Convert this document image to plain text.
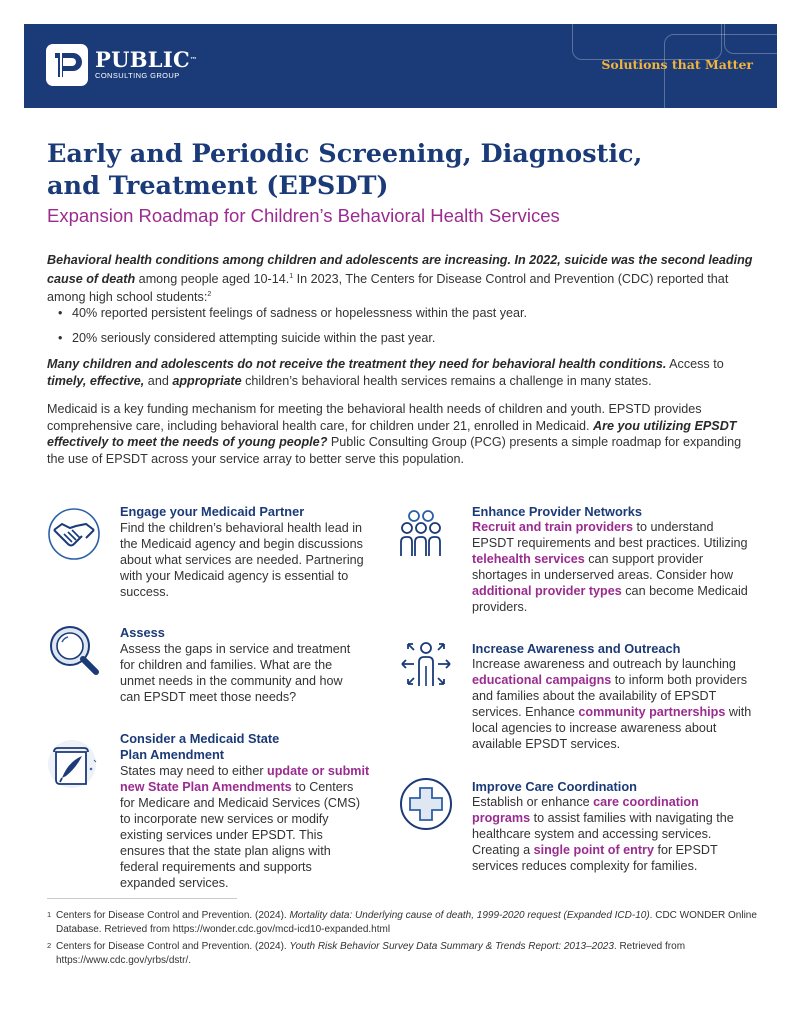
PUBLIC™
CONSULTING GROUP
Solutions that Matter
Early and Periodic Screening, Diagnostic,
and Treatment (EPSDT)
Expansion Roadmap for Children’s Behavioral Health Services
Behavioral health conditions among children and adolescents are increasing. In 2022, suicide was the second leading cause of death among people aged 10-14.$^1$ In 2023, The Centers for Disease Control and Prevention (CDC) reported that among high school students:$^2$
• 40% reported persistent feelings of sadness or hopelessness within the past year.
• 20% seriously considered attempting suicide within the past year.
Many children and adolescents do not receive the treatment they need for behavioral health conditions. Access to timely, effective, and appropriate children’s behavioral health services remains a challenge in many states.
Medicaid is a key funding mechanism for meeting the behavioral health needs of children and youth. EPSTD provides comprehensive care, including behavioral health care, for children under 21, enrolled in Medicaid. Are you utilizing EPSDT effectively to meet the needs of young people? Public Consulting Group (PCG) presents a simple roadmap for expanding the use of EPSDT across your service array to better serve this population.
Engage your Medicaid Partner
Find the children’s behavioral health lead in the Medicaid agency and begin discussions about what services are needed. Partnering with your Medicaid agency is essential to success.
Assess
Assess the gaps in service and treatment for children and families. What are the unmet needs in the community and how can EPSDT meet those needs?
Consider a Medicaid State
Plan Amendment
States may need to either update or submit new State Plan Amendments to Centers for Medicare and Medicaid Services (CMS) to incorporate new services or modify existing services under EPSDT. This ensures that the state plan aligns with federal requirements and supports expanded services.
Enhance Provider Networks
Recruit and train providers to understand EPSDT requirements and best practices. Utilizing telehealth services can support provider shortages in underserved areas. Consider how additional provider types can become Medicaid providers.
Increase Awareness and Outreach
Increase awareness and outreach by launching educational campaigns to inform both providers and families about the availability of EPSDT services. Enhance community partnerships with local agencies to increase awareness about available EPSDT services.
Improve Care Coordination
Establish or enhance care coordination programs to assist families with navigating the healthcare system and accessing services. Creating a single point of entry for EPSDT services reduces complexity for families.
1 Centers for Disease Control and Prevention. (2024). Mortality data: Underlying cause of death, 1999-2020 request (Expanded ICD-10). CDC WONDER Online Database. Retrieved from https://wonder.cdc.gov/mcd-icd10-expanded.html
2 Centers for Disease Control and Prevention. (2024). Youth Risk Behavior Survey Data Summary & Trends Report: 2013–2023. Retrieved from https://www.cdc.gov/yrbs/dstr/.
